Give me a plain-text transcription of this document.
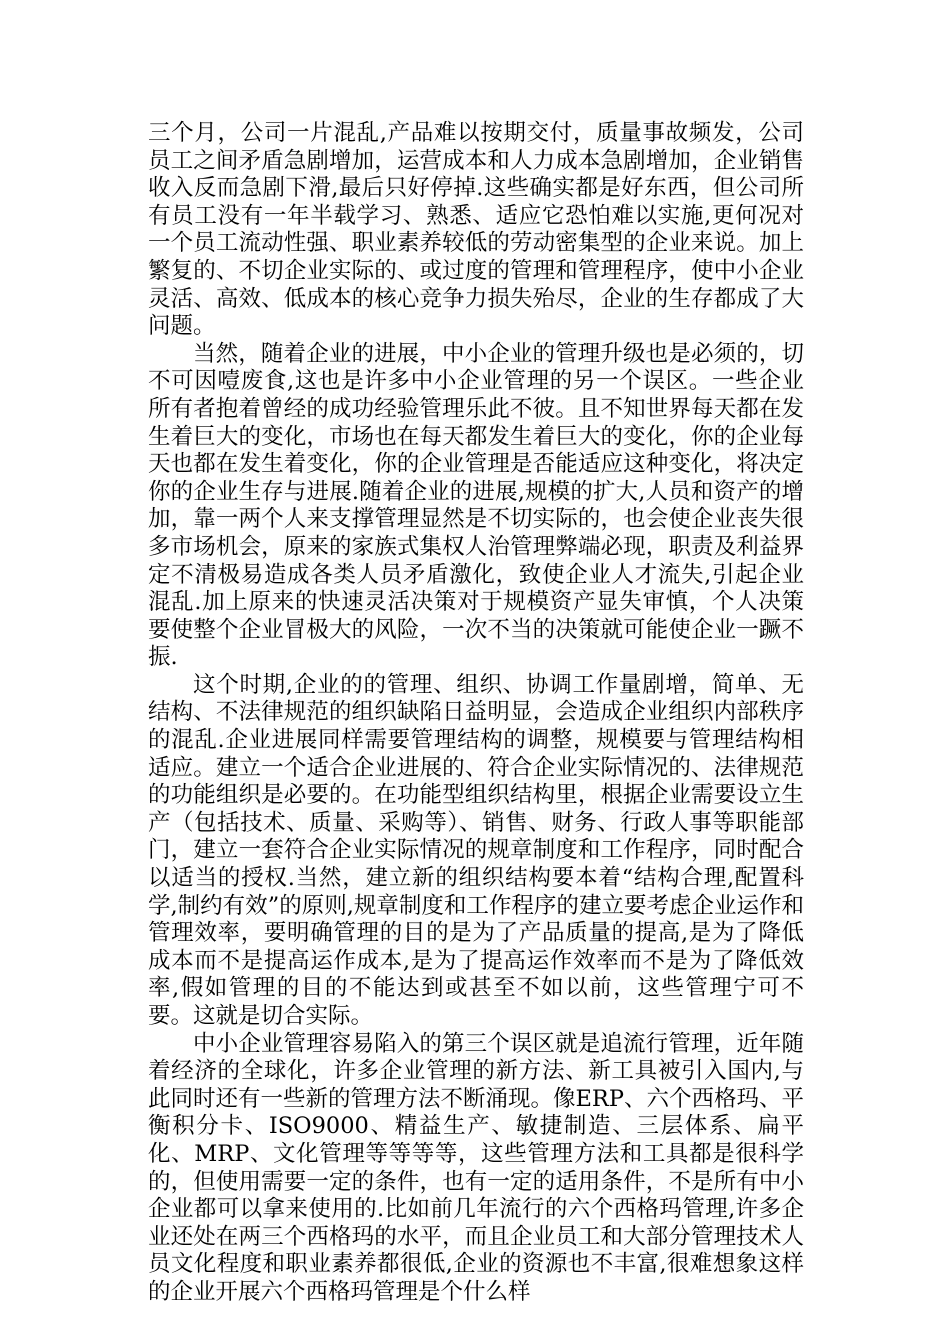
三个月，公司一片混乱,产品难以按期交付，质量事故频发，公司员工之间矛盾急剧增加，运营成本和人力成本急剧增加，企业销售收入反而急剧下滑,最后只好停掉.这些确实都是好东西，但公司所有员工没有一年半载学习、熟悉、适应它恐怕难以实施,更何况对一个员工流动性强、职业素养较低的劳动密集型的企业来说。加上繁复的、不切企业实际的、或过度的管理和管理程序，使中小企业灵活、高效、低成本的核心竞争力损失殆尽，企业的生存都成了大问题。

当然，随着企业的进展，中小企业的管理升级也是必须的，切不可因噎废食,这也是许多中小企业管理的另一个误区。一些企业所有者抱着曾经的成功经验管理乐此不彼。且不知世界每天都在发生着巨大的变化，市场也在每天都发生着巨大的变化，你的企业每天也都在发生着变化，你的企业管理是否能适应这种变化，将决定你的企业生存与进展.随着企业的进展,规模的扩大,人员和资产的增加，靠一两个人来支撑管理显然是不切实际的，也会使企业丧失很多市场机会，原来的家族式集权人治管理弊端必现，职责及利益界定不清极易造成各类人员矛盾激化，致使企业人才流失,引起企业混乱.加上原来的快速灵活决策对于规模资产显失审慎，个人决策要使整个企业冒极大的风险，一次不当的决策就可能使企业一蹶不振.

这个时期,企业的的管理、组织、协调工作量剧增，简单、无结构、不法律规范的组织缺陷日益明显，会造成企业组织内部秩序的混乱.企业进展同样需要管理结构的调整，规模要与管理结构相适应。建立一个适合企业进展的、符合企业实际情况的、法律规范的功能组织是必要的。在功能型组织结构里，根据企业需要设立生产（包括技术、质量、采购等）、销售、财务、行政人事等职能部门，建立一套符合企业实际情况的规章制度和工作程序，同时配合以适当的授权.当然，建立新的组织结构要本着“结构合理,配置科学,制约有效”的原则,规章制度和工作程序的建立要考虑企业运作和管理效率，要明确管理的目的是为了产品质量的提高,是为了降低成本而不是提高运作成本,是为了提高运作效率而不是为了降低效率,假如管理的目的不能达到或甚至不如以前，这些管理宁可不要。这就是切合实际。

中小企业管理容易陷入的第三个误区就是追流行管理，近年随着经济的全球化，许多企业管理的新方法、新工具被引入国内,与此同时还有一些新的管理方法不断涌现。像ERP、六个西格玛、平衡积分卡、ISO9000、精益生产、敏捷制造、三层体系、扁平化、MRP、文化管理等等等等，这些管理方法和工具都是很科学的，但使用需要一定的条件，也有一定的适用条件，不是所有中小企业都可以拿来使用的.比如前几年流行的六个西格玛管理,许多企业还处在两三个西格玛的水平，而且企业员工和大部分管理技术人员文化程度和职业素养都很低,企业的资源也不丰富,很难想象这样的企业开展六个西格玛管理是个什么样
